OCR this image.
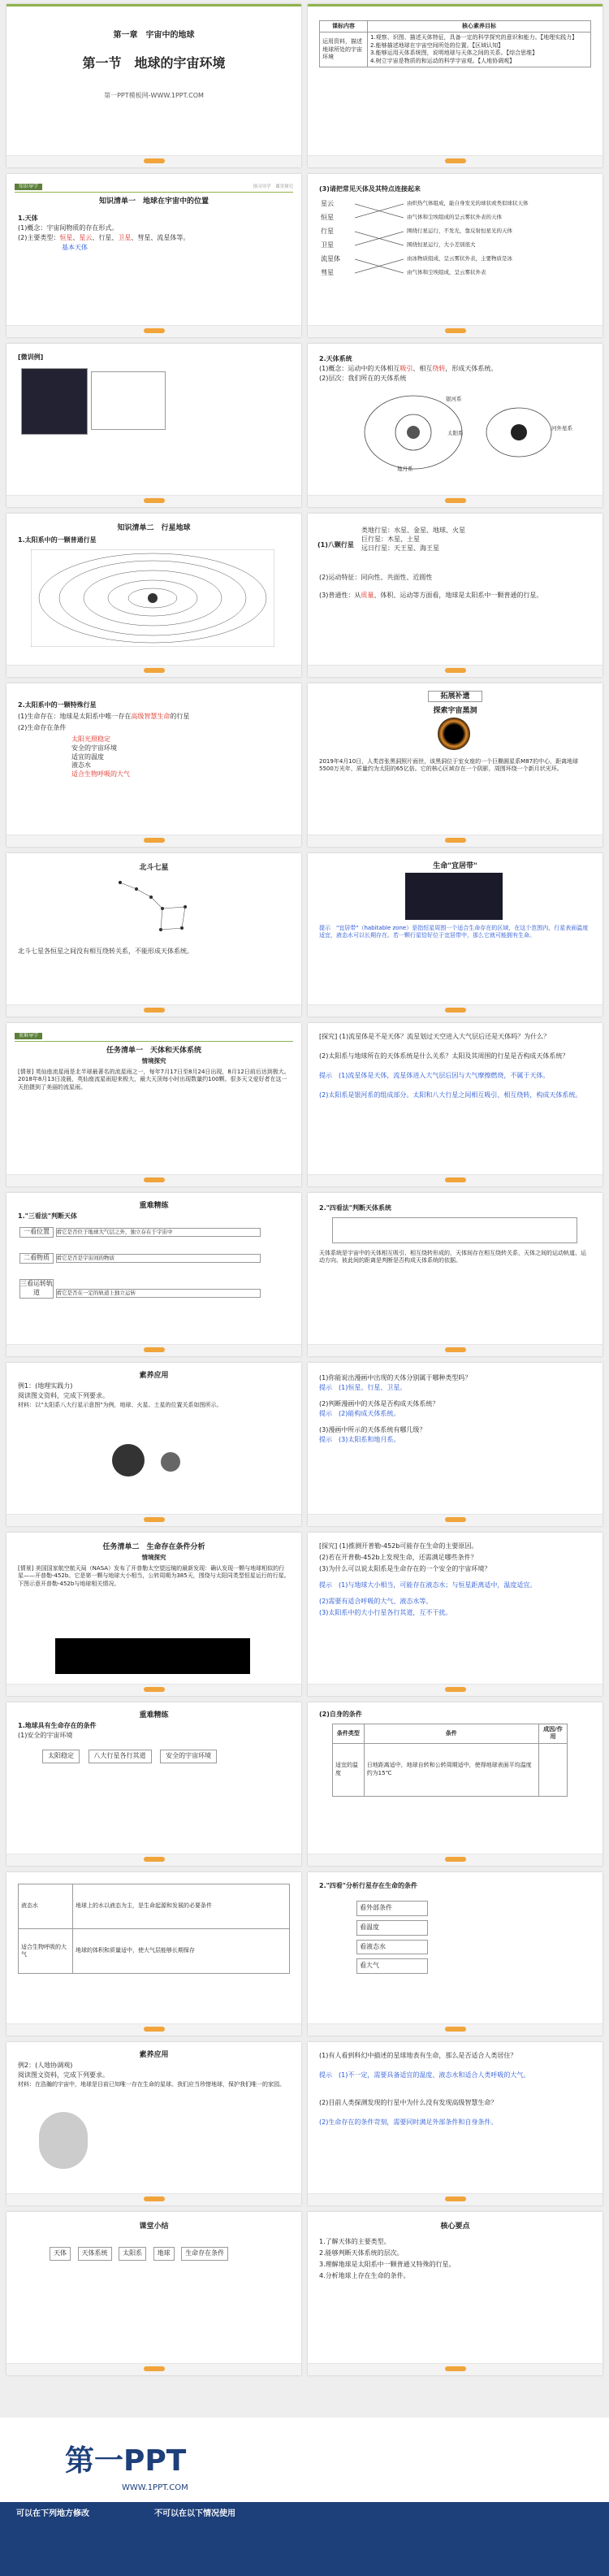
第一章　宇宙中的地球
第一节　地球的宇宙环境
第一PPT模板网-WWW.1PPT.COM
课标内容	核心素养目标
运用资料，描述地球所处的宇宙环境	1.观察、识图、描述天体特征，具备一定的科学探究的意识和能力。【地理实践力】
2.能够描述地球在宇宙空间所处的位置。【区域认知】
3.能够运用天体系统图，说明地球与天体之间的关系。【综合思维】
4.树立宇宙是物质的和运动的科学宇宙观。【人地协调观】
知识导学	预习导学　课堂探究
知识清单一　地球在宇宙中的位置
1.天体
(1)概念：宇宙间物质的存在形式。
(2)主要类型：恒星、星云、行星、卫星、彗星、流星体等。
基本天体
(3)请把常见天体及其特点连接起来
星云
恒星
行星
卫星
流星体
彗星
由炽热气体组成，能自身发光的球状或类似球状天体
由气体和尘埃组成的呈云雾状外表的天体
围绕行星运行，不发光，靠反射恒星光的天体
围绕恒星运行，大小差别很大
由冰物质组成，呈云雾状外表，主要物质是冰
由气体和尘埃组成，呈云雾状外表
[微训例]	2.天体系统
(1)概念：运动中的天体相互吸引、相互绕转，形成天体系统。
(2)层次：我们所在的天体系统
银河系
太阳系
地月系
河外星系
知识清单二　行星地球
1.太阳系中的一颗普通行星
(1)八颗行星
类地行星：水星、金星、地球、火星
巨行星：木星、土星
远日行星：天王星、海王星
(2)运动特征：同向性、共面性、近圆性
(3)普通性：从质量、体积、运动等方面看，地球是太阳系中一颗普通的行星。
2.太阳系中的一颗特殊行星
(1)生命存在：地球是太阳系中唯一存在高级智慧生命的行星
(2)生命存在条件
太阳光照稳定
安全的宇宙环境
适宜的温度
液态水
适合生物呼吸的大气
拓展补遗
探索宇宙黑洞
2019年4月10日，人类首张黑洞照片面世，该黑洞位于室女座的一个巨椭圆星系M87的中心，距离地球5500万光年，质量约为太阳的65亿倍。它的核心区域存在一个阴影，周围环绕一个新月状光环。
北斗七星
北斗七星各恒星之间没有相互绕转关系，不能形成天体系统。
生命"宜居带"
提示　"宜居带"（habitable zone）是指恒星周围一个适合生命存在的区域，在这个范围内，行星表面温度适宜，液态水可以长期存在。若一颗行星恰好位于宜居带中，那么它就可能拥有生命。
重难导学
任务清单一　天体和天体系统
情境探究
[情景] 英仙座流星雨是北半球最著名的流星雨之一，每年7月17日至8月24日出现，8月12日前后达到极大。2018年8月13日凌晨，英仙座流星雨迎来极大，最大天顶每小时出现数量约100颗。很多天文爱好者在这一天拍摄到了美丽的流星雨。
[探究] (1)流星体是不是天体？流星划过天空进入大气层后还是天体吗？为什么？
(2)太阳系与地球所在的天体系统是什么关系？太阳及其周围的行星是否构成天体系统？
提示　(1)流星体是天体，流星体进入大气层后因与大气摩擦燃烧，不属于天体。
(2)太阳系是银河系的组成部分。太阳和八大行星之间相互吸引、相互绕转，构成天体系统。
重难精练
1."三看法"判断天体
一看位置 看它是否位于地球大气层之外，独立存在于宇宙中
二看物质 看它是否是宇宙间的物质
三看运转轨道	看它是否在一定的轨道上独立运转
2."四看法"判断天体系统
天体系统是宇宙中的天体相互吸引、相互绕转形成的，天体间存在相互绕转关系，天体之间的运动轨道、运动方向、彼此间的距离是判断是否构成天体系统的依据。
素养应用
例1：(地理实践力)
阅读图文资料，完成下列要求。
材料：以"太阳系八大行星示意图"为例，地球、火星、土星的位置关系如图所示。
(1)你能说出漫画中出现的天体分别属于哪种类型吗？
提示　(1)恒星、行星、卫星。
(2)判断漫画中的天体是否构成天体系统？
提示　(2)能构成天体系统。
(3)漫画中所示的天体系统有哪几级？
提示　(3)太阳系和地月系。
任务清单二　生命存在条件分析
情境探究
[情景] 美国国家航空航天局（NASA）发布了开普勒太空望远镜的最新发现：确认发现一颗与地球相似的行星——开普勒-452b。它是第一颗与地球大小相当，公转周期为385天，围绕与太阳同类型恒星运行的行星。下图示意开普勒-452b与地球相关情况。
[探究] (1)推测开普勒-452b可能存在生命的主要原因。
(2)若在开普勒-452b上发现生命，还需满足哪些条件？
(3)为什么可以说太阳系是生命存在的一个安全的宇宙环境？
提示　(1)与地球大小相当，可能存在液态水；与恒星距离适中，温度适宜。
(2)需要有适合呼吸的大气、液态水等。
(3)太阳系中的大小行星各行其道，互不干扰。
重难精练
1.地球具有生命存在的条件
(1)安全的宇宙环境
太阳稳定	八大行星各行其道	安全的宇宙环境
(2)自身的条件
条件类型	条件	成因/作用
适宜的温度	日地距离适中，地球自转和公转周期适中，使得地球表面平均温度约为15℃	
液态水	地球上的水以液态为主，是生命起源和发展的必要条件
适合生物呼吸的大气	地球的体积和质量适中，使大气层能够长期保存
2."四看"分析行星存在生命的条件
看外部条件
看温度
看液态水
看大气
素养应用
例2：(人地协调观)
阅读图文资料，完成下列要求。
材料：在浩瀚的宇宙中，地球是目前已知唯一存在生命的星球。我们应当珍惜地球，保护我们唯一的家园。
(1)有人看到科幻中描述的星球地表有生命，那么是否适合人类居住？
提示　(1)不一定，需要具备适宜的温度、液态水和适合人类呼吸的大气。
(2)目前人类探测发现的行星中为什么没有发现高级智慧生命？
(2)生命存在的条件苛刻，需要同时满足外部条件和自身条件。
课堂小结
天体 天体系统 太阳系 地球 生命存在条件
核心要点
1.了解天体的主要类型。
2.能够判断天体系统的层次。
3.理解地球是太阳系中一颗普通又特殊的行星。
4.分析地球上存在生命的条件。
第一PPT
WWW.1PPT.COM
可以在下列地方修改	不可以在以下情况使用
